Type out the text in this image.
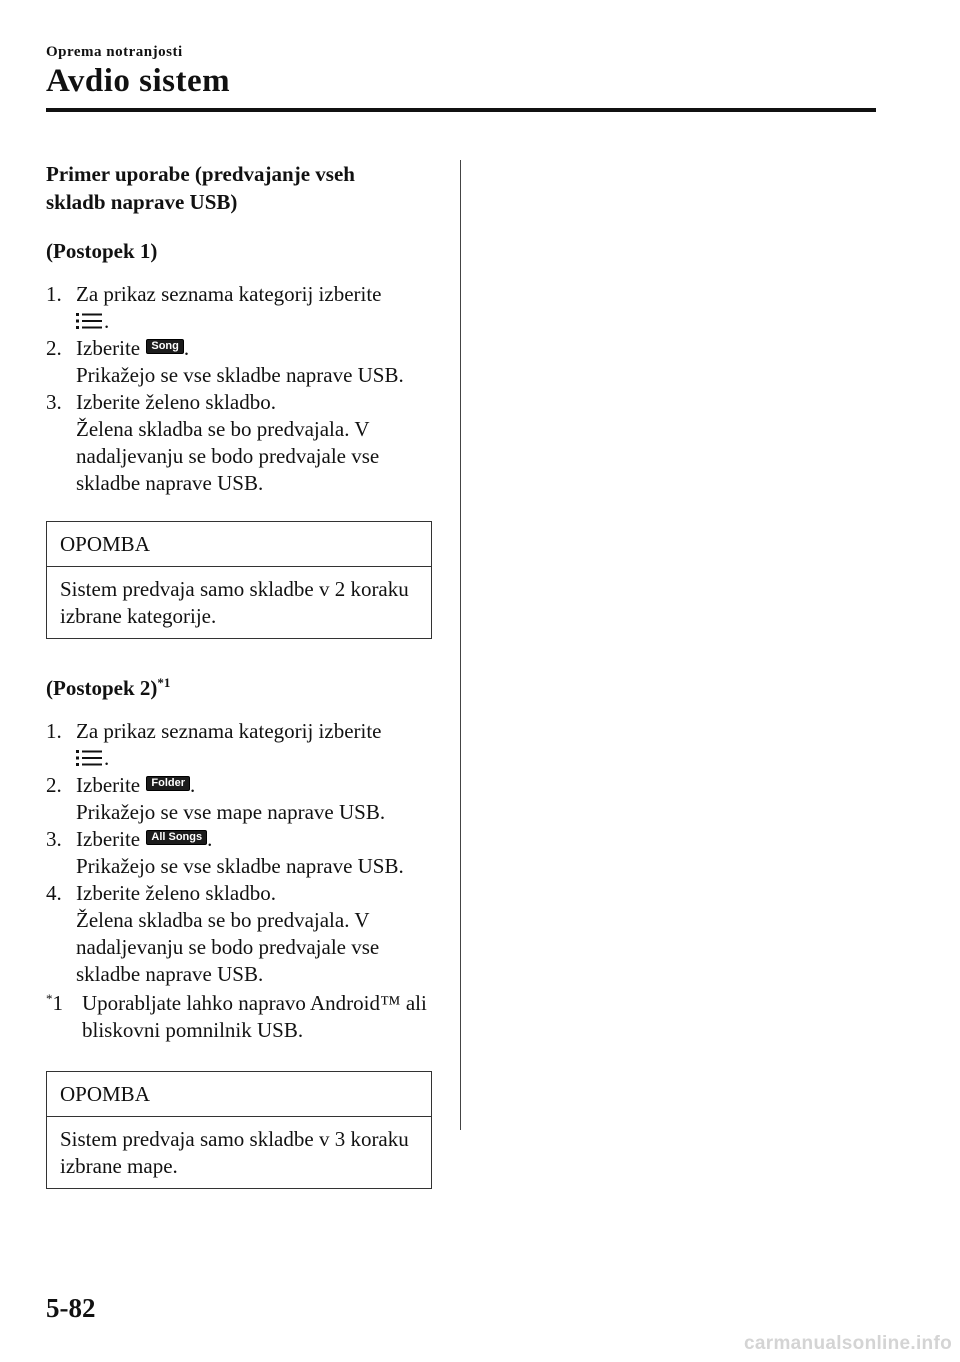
Oprema notranjosti
Avdio sistem

Primer uporabe (predvajanje vseh
skladb naprave USB)

(Postopek 1)

1. Za prikaz seznama kategorij izberite
.
2. Izberite Song .
Prikažejo se vse skladbe naprave USB.
3. Izberite želeno skladbo.
Želena skladba se bo predvajala. V nadaljevanju se bodo predvajale vse skladbe naprave USB.
OPOMBA
Sistem predvaja samo skladbe v 2 koraku izbrane kategorije.

(Postopek 2)$^{*1}$

1. Za prikaz seznama kategorij izberite
.
2. Izberite Folder .
Prikažejo se vse mape naprave USB.
3. Izberite All Songs .
Prikažejo se vse skladbe naprave USB.
4. Izberite želeno skladbo.
Želena skladba se bo predvajala. V nadaljevanju se bodo predvajale vse skladbe naprave USB.
*1 Uporabljate lahko napravo Android™ ali bliskovni pomnilnik USB.
OPOMBA
Sistem predvaja samo skladbe v 3 koraku izbrane mape.
5-82
carmanualsonline.info
